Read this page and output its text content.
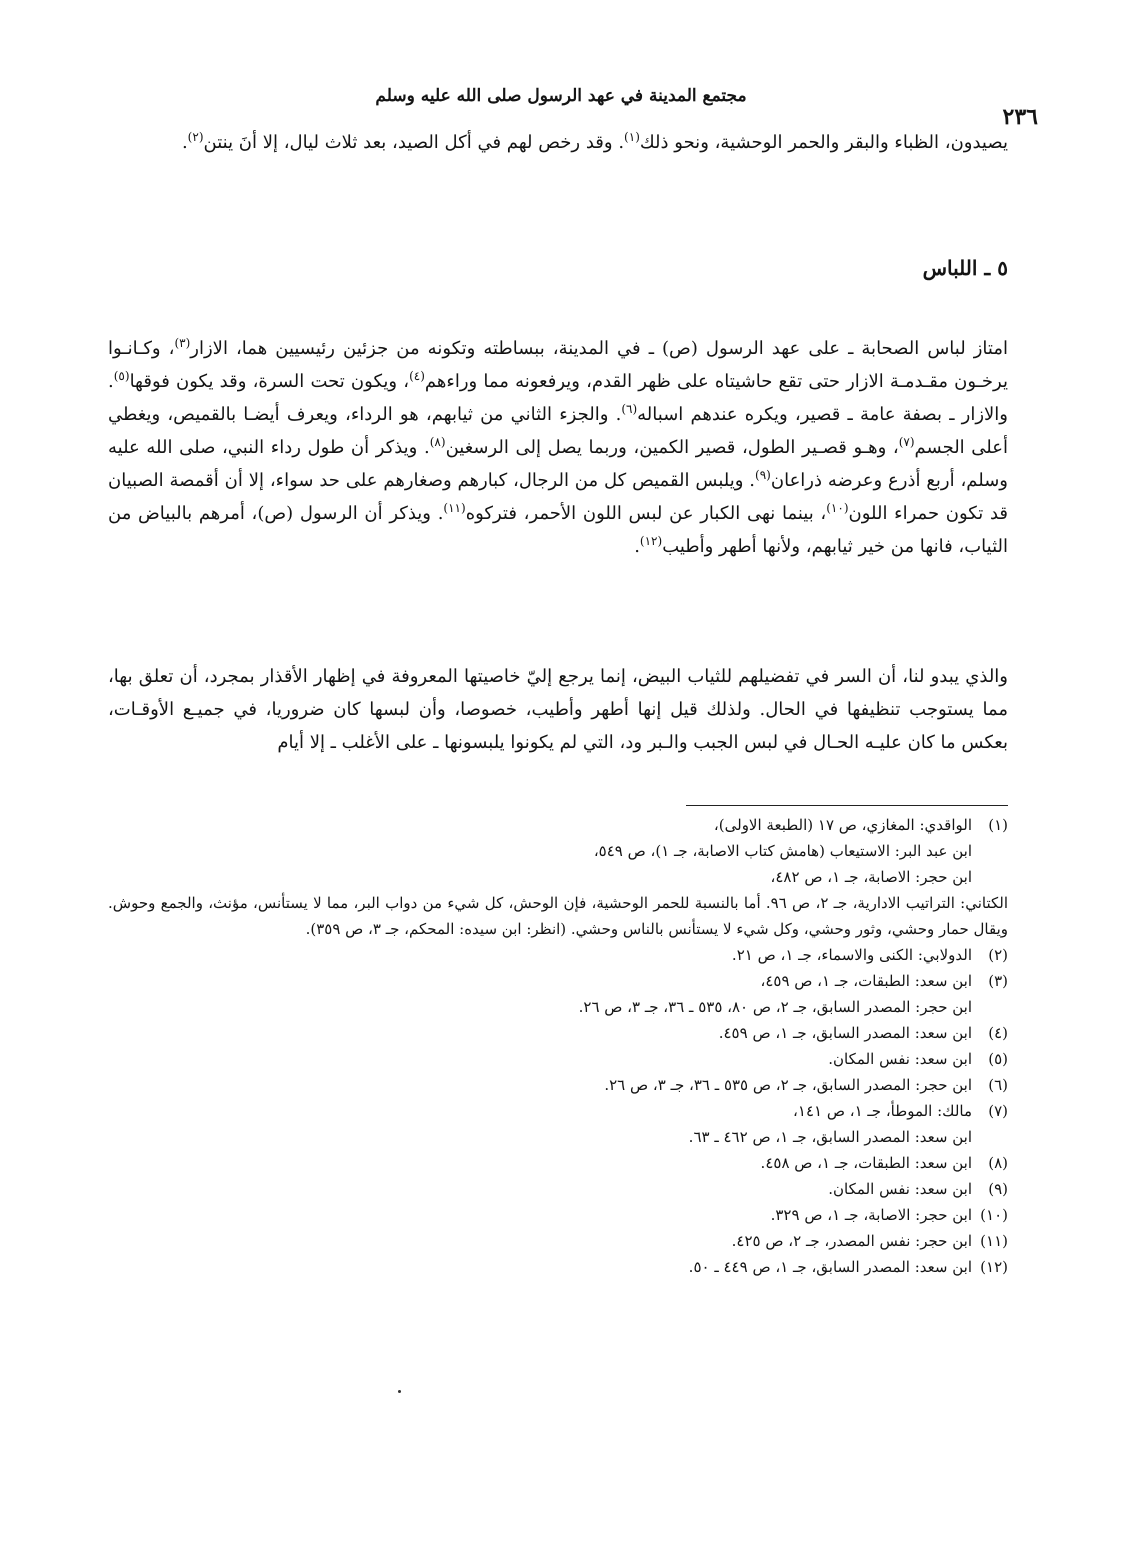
مجتمع المدينة في عهد الرسول صلى الله عليه وسلم
٢٣٦

يصيدون، الظباء والبقر والحمر الوحشية، ونحو ذلك$^{(١)}$. وقد رخص لهم في أكل الصيد، بعد ثلاث ليال، إلا أنَ ينتن$^{(٢)}$.

٥ ـ اللباس

امتاز لباس الصحابة ـ على عهد الرسول (ص) ـ في المدينة، ببساطته وتكونه من جزئين رئيسيين هما، الازار$^{(٣)}$، وكـانـوا يرخـون مقـدمـة الازار حتى تقع حاشيتاه على ظهر القدم، ويرفعونه مما وراءهم$^{(٤)}$، ويكون تحت السرة، وقد يكون فوقها$^{(٥)}$. والازار ـ بصفة عامة ـ قصير، ويكره عندهم اسباله$^{(٦)}$. والجزء الثاني من ثيابهم، هو الرداء، ويعرف أيضـا بالقميص، ويغطي أعلى الجسم$^{(٧)}$، وهـو قصـير الطول، قصير الكمين، وربما يصل إلى الرسغين$^{(٨)}$. ويذكر أن طول رداء النبي، صلى الله عليه وسلم، أربع أذرع وعرضه ذراعان$^{(٩)}$. ويلبس القميص كل من الرجال، كبارهم وصغارهم على حد سواء، إلا أن أقمصة الصبيان قد تكون حمراء اللون$^{(١٠)}$، بينما نهى الكبار عن لبس اللون الأحمر، فتركوه$^{(١١)}$. ويذكر أن الرسول (ص)، أمرهم بالبياض من الثياب، فانها من خير ثيابهم، ولأنها أطهر وأطيب$^{(١٢)}$.

والذي يبدو لنا، أن السر في تفضيلهم للثياب البيض، إنما يرجع إليّ خاصيتها المعروفة في إظهار الأقذار بمجرد، أن تعلق بها، مما يستوجب تنظيفها في الحال. ولذلك قيل إنها أطهر وأطيب، خصوصا، وأن لبسها كان ضروريا، في جميـع الأوقـات، بعكس ما كان عليـه الحـال في لبس الجبب والـبر ود، التي لم يكونوا يلبسونها ـ على الأغلب ـ إلا أيام

(١)
الواقدي: المغازي، ص ١٧ (الطبعة الاولى)،

ابن عبد البر: الاستيعاب (هامش كتاب الاصابة، جـ ١)، ص ٥٤٩،

ابن حجر: الاصابة، جـ ١، ص ٤٨٢،

الكتاني: التراتيب الادارية، جـ ٢، ص ٩٦. أما بالنسبة للحمر الوحشية، فإن الوحش، كل شيء من دواب البر، مما لا يستأنس، مؤنث، والجمع وحوش. ويقال حمار وحشي، وثور وحشي، وكل شيء لا يستأنس بالناس وحشي. (انظر: ابن سيده: المحكم، جـ ٣، ص ٣٥٩).

(٢)
الدولابي: الكنى والاسماء، جـ ١، ص ٢١.

(٣)
ابن سعد: الطبقات، جـ ١، ص ٤٥٩،

ابن حجر: المصدر السابق، جـ ٢، ص ٨٠، ٥٣٥ ـ ٣٦، جـ ٣، ص ٢٦.

(٤)
ابن سعد: المصدر السابق، جـ ١، ص ٤٥٩.

(٥)
ابن سعد: نفس المكان.

(٦)
ابن حجر: المصدر السابق، جـ ٢، ص ٥٣٥ ـ ٣٦، جـ ٣، ص ٢٦.

(٧)
مالك: الموطأ، جـ ١، ص ١٤١،

ابن سعد: المصدر السابق، جـ ١، ص ٤٦٢ ـ ٦٣.

(٨)
ابن سعد: الطبقات، جـ ١، ص ٤٥٨.

(٩)
ابن سعد: نفس المكان.

(١٠)
ابن حجر: الاصابة، جـ ١، ص ٣٢٩.

(١١)
ابن حجر: نفس المصدر، جـ ٢، ص ٤٢٥.

(١٢)
ابن سعد: المصدر السابق، جـ ١، ص ٤٤٩ ـ ٥٠.
